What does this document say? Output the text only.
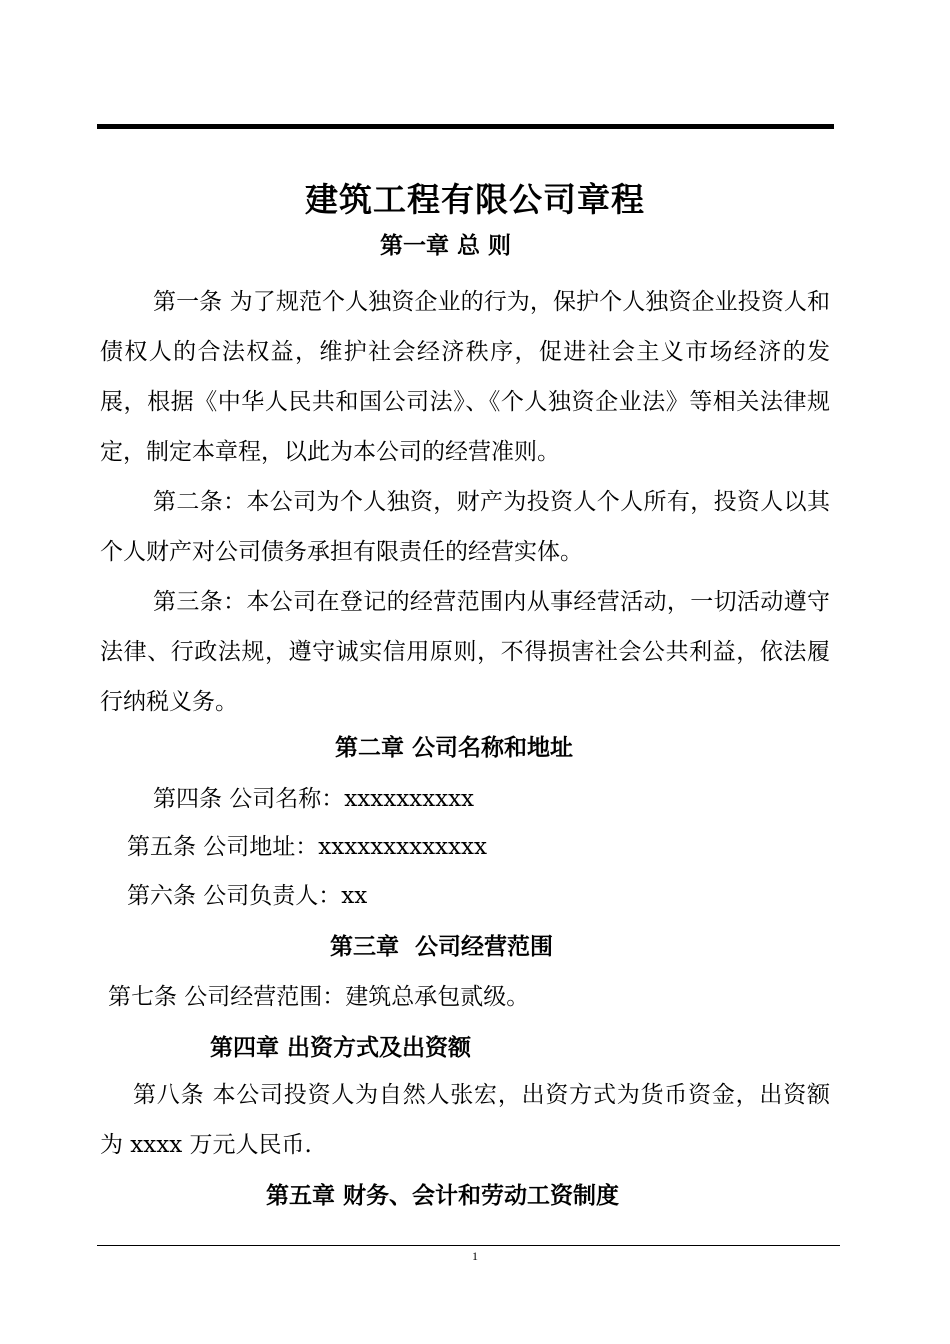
建筑工程有限公司章程
第一章 总 则
第一条 为了规范个人独资企业的行为，保护个人独资企业投资人和债权人的合法权益，维护社会经济秩序，促进社会主义市场经济的发展，根据《中华人民共和国公司法》、《个人独资企业法》等相关法律规定，制定本章程，以此为本公司的经营准则。
第二条：本公司为个人独资，财产为投资人个人所有，投资人以其个人财产对公司债务承担有限责任的经营实体。
第三条：本公司在登记的经营范围内从事经营活动，一切活动遵守法律、行政法规，遵守诚实信用原则，不得损害社会公共利益，依法履行纳税义务。
第二章 公司名称和地址
第四条 公司名称：xxxxxxxxxx
第五条 公司地址：xxxxxxxxxxxxx
第六条 公司负责人：xx
第三章  公司经营范围
第七条 公司经营范围：建筑总承包贰级。
第四章 出资方式及出资额
第八条 本公司投资人为自然人张宏，出资方式为货币资金，出资额为 xxxx 万元人民币.
第五章 财务、会计和劳动工资制度
1
